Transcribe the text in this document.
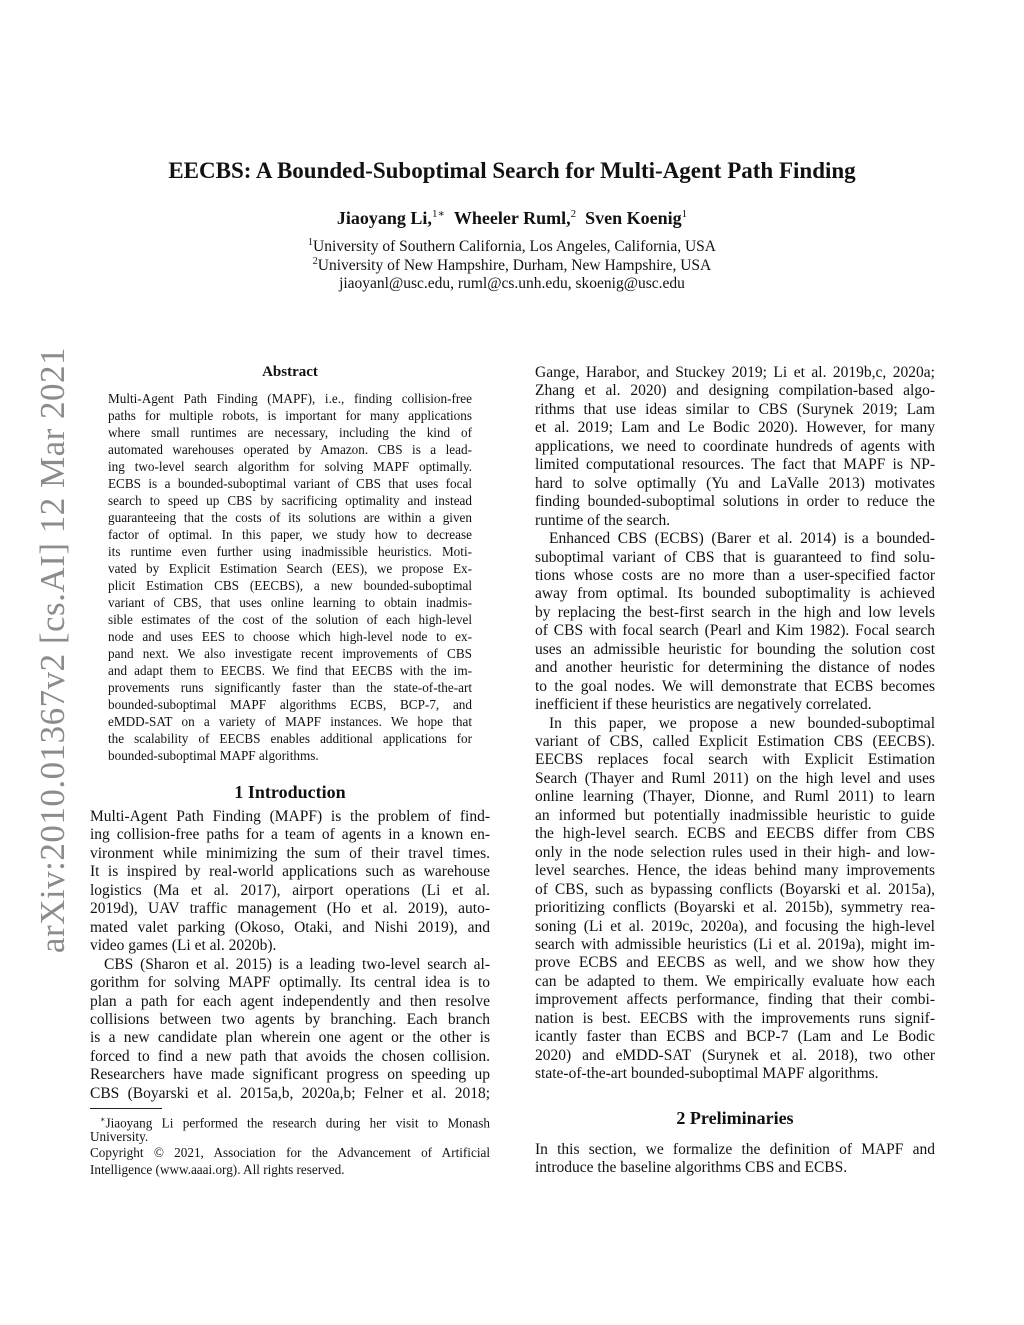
arXiv:2010.01367v2 [cs.AI] 12 Mar 2021
EECBS: A Bounded-Suboptimal Search for Multi-Agent Path Finding
Jiaoyang Li,$^{1∗}$ Wheeler Ruml,$^2$ Sven Koenig$^1$
$^1$University of Southern California, Los Angeles, California, USA
$^2$University of New Hampshire, Durham, New Hampshire, USA
jiaoyanl@usc.edu, ruml@cs.unh.edu, skoenig@usc.edu
Abstract
Multi-Agent Path Finding (MAPF), i.e., finding collision-free
paths for multiple robots, is important for many applications
where small runtimes are necessary, including the kind of
automated warehouses operated by Amazon. CBS is a lead-
ing two-level search algorithm for solving MAPF optimally.
ECBS is a bounded-suboptimal variant of CBS that uses focal
search to speed up CBS by sacrificing optimality and instead
guaranteeing that the costs of its solutions are within a given
factor of optimal. In this paper, we study how to decrease
its runtime even further using inadmissible heuristics. Moti-
vated by Explicit Estimation Search (EES), we propose Ex-
plicit Estimation CBS (EECBS), a new bounded-suboptimal
variant of CBS, that uses online learning to obtain inadmis-
sible estimates of the cost of the solution of each high-level
node and uses EES to choose which high-level node to ex-
pand next. We also investigate recent improvements of CBS
and adapt them to EECBS. We find that EECBS with the im-
provements runs significantly faster than the state-of-the-art
bounded-suboptimal MAPF algorithms ECBS, BCP-7, and
eMDD-SAT on a variety of MAPF instances. We hope that
the scalability of EECBS enables additional applications for
bounded-suboptimal MAPF algorithms.
1 Introduction
Multi-Agent Path Finding (MAPF) is the problem of find-
ing collision-free paths for a team of agents in a known en-
vironment while minimizing the sum of their travel times.
It is inspired by real-world applications such as warehouse
logistics (Ma et al. 2017), airport operations (Li et al.
2019d), UAV traffic management (Ho et al. 2019), auto-
mated valet parking (Okoso, Otaki, and Nishi 2019), and
video games (Li et al. 2020b).
CBS (Sharon et al. 2015) is a leading two-level search al-
gorithm for solving MAPF optimally. Its central idea is to
plan a path for each agent independently and then resolve
collisions between two agents by branching. Each branch
is a new candidate plan wherein one agent or the other is
forced to find a new path that avoids the chosen collision.
Researchers have made significant progress on speeding up
CBS (Boyarski et al. 2015a,b, 2020a,b; Felner et al. 2018;
∗Jiaoyang Li performed the research during her visit to Monash
University.
Copyright © 2021, Association for the Advancement of Artificial
Intelligence (www.aaai.org). All rights reserved.
Gange, Harabor, and Stuckey 2019; Li et al. 2019b,c, 2020a;
Zhang et al. 2020) and designing compilation-based algo-
rithms that use ideas similar to CBS (Surynek 2019; Lam
et al. 2019; Lam and Le Bodic 2020). However, for many
applications, we need to coordinate hundreds of agents with
limited computational resources. The fact that MAPF is NP-
hard to solve optimally (Yu and LaValle 2013) motivates
finding bounded-suboptimal solutions in order to reduce the
runtime of the search.
Enhanced CBS (ECBS) (Barer et al. 2014) is a bounded-
suboptimal variant of CBS that is guaranteed to find solu-
tions whose costs are no more than a user-specified factor
away from optimal. Its bounded suboptimality is achieved
by replacing the best-first search in the high and low levels
of CBS with focal search (Pearl and Kim 1982). Focal search
uses an admissible heuristic for bounding the solution cost
and another heuristic for determining the distance of nodes
to the goal nodes. We will demonstrate that ECBS becomes
inefficient if these heuristics are negatively correlated.
In this paper, we propose a new bounded-suboptimal
variant of CBS, called Explicit Estimation CBS (EECBS).
EECBS replaces focal search with Explicit Estimation
Search (Thayer and Ruml 2011) on the high level and uses
online learning (Thayer, Dionne, and Ruml 2011) to learn
an informed but potentially inadmissible heuristic to guide
the high-level search. ECBS and EECBS differ from CBS
only in the node selection rules used in their high- and low-
level searches. Hence, the ideas behind many improvements
of CBS, such as bypassing conflicts (Boyarski et al. 2015a),
prioritizing conflicts (Boyarski et al. 2015b), symmetry rea-
soning (Li et al. 2019c, 2020a), and focusing the high-level
search with admissible heuristics (Li et al. 2019a), might im-
prove ECBS and EECBS as well, and we show how they
can be adapted to them. We empirically evaluate how each
improvement affects performance, finding that their combi-
nation is best. EECBS with the improvements runs signif-
icantly faster than ECBS and BCP-7 (Lam and Le Bodic
2020) and eMDD-SAT (Surynek et al. 2018), two other
state-of-the-art bounded-suboptimal MAPF algorithms.
2 Preliminaries
In this section, we formalize the definition of MAPF and
introduce the baseline algorithms CBS and ECBS.
